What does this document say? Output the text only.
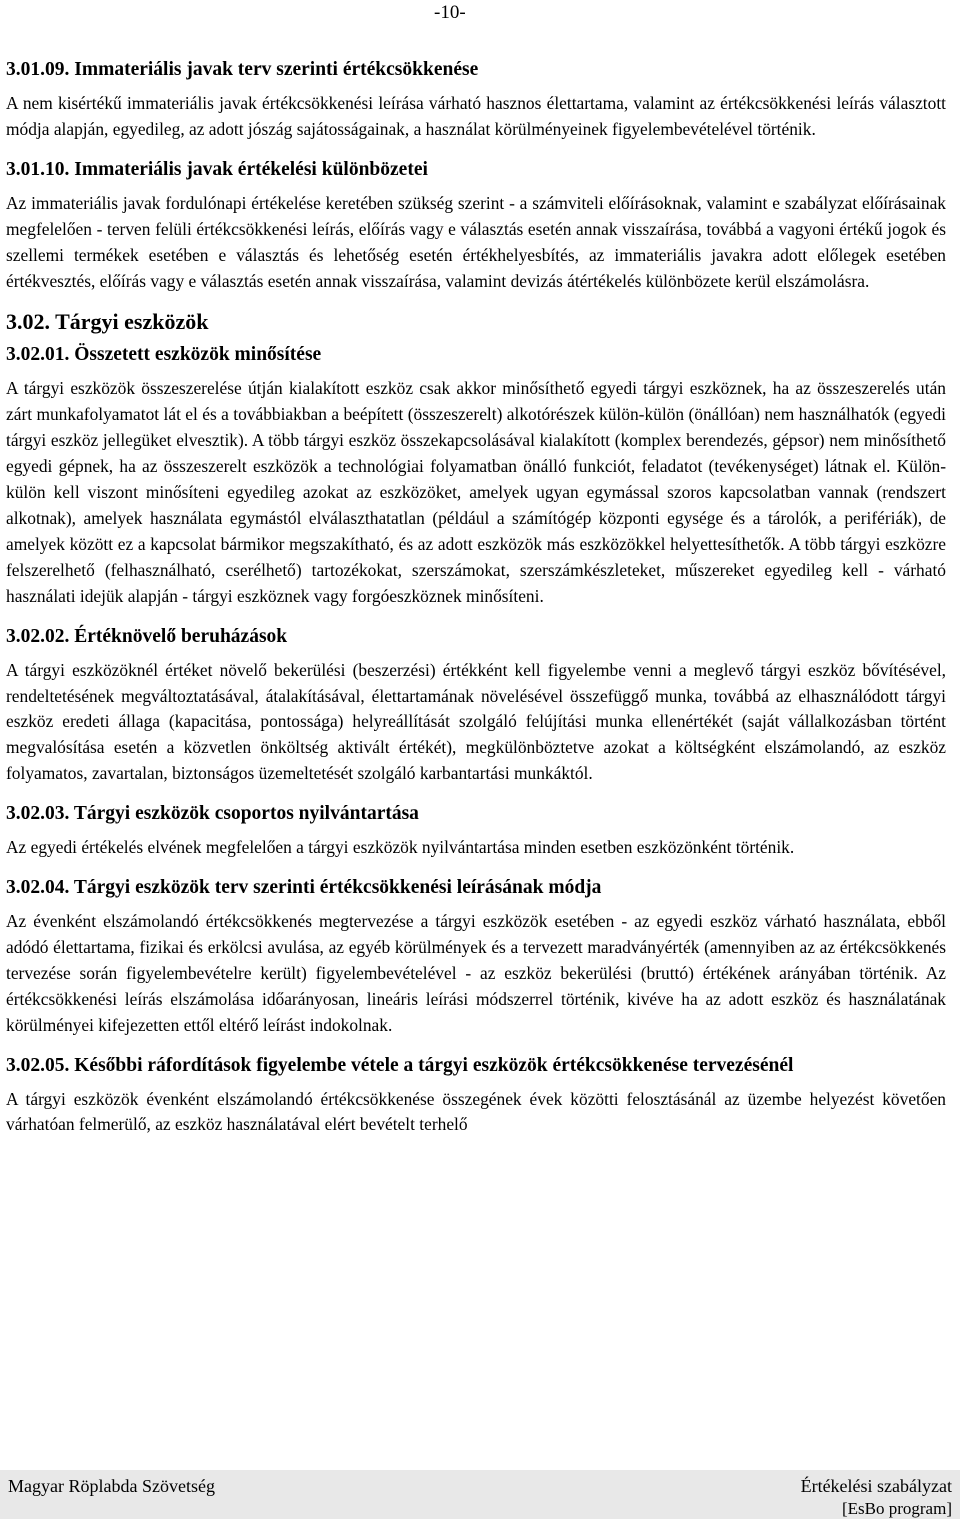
-10-
3.01.09. Immateriális javak terv szerinti értékcsökkenése

A nem kisértékű immateriális javak értékcsökkenési leírása várható hasznos élettartama, valamint az értékcsökkenési leírás választott módja alapján, egyedileg, az adott jószág sajátosságainak, a használat körülményeinek figyelembevételével történik.

3.01.10. Immateriális javak értékelési különbözetei

Az immateriális javak fordulónapi értékelése keretében szükség szerint - a számviteli előírásoknak, valamint e szabályzat előírásainak megfelelően - terven felüli értékcsökkenési leírás, előírás vagy e választás esetén annak visszaírása, továbbá a vagyoni értékű jogok és szellemi termékek esetében e választás és lehetőség esetén értékhelyesbítés, az immateriális javakra adott előlegek esetében értékvesztés, előírás vagy e választás esetén annak visszaírása, valamint devizás átértékelés különbözete kerül elszámolásra.

3.02. Tárgyi eszközök
3.02.01. Összetett eszközök minősítése

A tárgyi eszközök összeszerelése útján kialakított eszköz csak akkor minősíthető egyedi tárgyi eszköznek, ha az összeszerelés után zárt munkafolyamatot lát el és a továbbiakban a beépített (összeszerelt) alkotórészek külön-külön (önállóan) nem használhatók (egyedi tárgyi eszköz jellegüket elvesztik). A több tárgyi eszköz összekapcsolásával kialakított (komplex berendezés, gépsor) nem minősíthető egyedi gépnek, ha az összeszerelt eszközök a technológiai folyamatban önálló funkciót, feladatot (tevékenységet) látnak el. Külön-külön kell viszont minősíteni egyedileg azokat az eszközöket, amelyek ugyan egymással szoros kapcsolatban vannak (rendszert alkotnak), amelyek használata egymástól elválaszthatatlan (például a számítógép központi egysége és a tárolók, a perifériák), de amelyek között ez a kapcsolat bármikor megszakítható, és az adott eszközök más eszközökkel helyettesíthetők. A több tárgyi eszközre felszerelhető (felhasználható, cserélhető) tartozékokat, szerszámokat, szerszámkészleteket, műszereket egyedileg kell - várható használati idejük alapján - tárgyi eszköznek vagy forgóeszköznek minősíteni.

3.02.02. Értéknövelő beruházások

A tárgyi eszközöknél értéket növelő bekerülési (beszerzési) értékként kell figyelembe venni a meglevő tárgyi eszköz bővítésével, rendeltetésének megváltoztatásával, átalakításával, élettartamának növelésével összefüggő munka, továbbá az elhasználódott tárgyi eszköz eredeti állaga (kapacitása, pontossága) helyreállítását szolgáló felújítási munka ellenértékét (saját vállalkozásban történt megvalósítása esetén a közvetlen önköltség aktivált értékét), megkülönböztetve azokat a költségként elszámolandó, az eszköz folyamatos, zavartalan, biztonságos üzemeltetését szolgáló karbantartási munkáktól.

3.02.03. Tárgyi eszközök csoportos nyilvántartása

Az egyedi értékelés elvének megfelelően a tárgyi eszközök nyilvántartása minden esetben eszközönként történik.

3.02.04. Tárgyi eszközök terv szerinti értékcsökkenési leírásának módja

Az évenként elszámolandó értékcsökkenés megtervezése a tárgyi eszközök esetében - az egyedi eszköz várható használata, ebből adódó élettartama, fizikai és erkölcsi avulása, az egyéb körülmények és a tervezett maradványérték (amennyiben az az értékcsökkenés tervezése során figyelembevételre került) figyelembevételével - az eszköz bekerülési (bruttó) értékének arányában történik. Az értékcsökkenési leírás elszámolása időarányosan, lineáris leírási módszerrel történik, kivéve ha az adott eszköz és használatának körülményei kifejezetten ettől eltérő leírást indokolnak.

3.02.05. Későbbi ráfordítások figyelembe vétele a tárgyi eszközök értékcsökkenése tervezésénél

A tárgyi eszközök évenként elszámolandó értékcsökkenése összegének évek közötti felosztásánál az üzembe helyezést követően várhatóan felmerülő, az eszköz használatával elért bevételt terhelő

Magyar Röplabda Szövetség	Értékelési szabályzat
[EsBo program]
